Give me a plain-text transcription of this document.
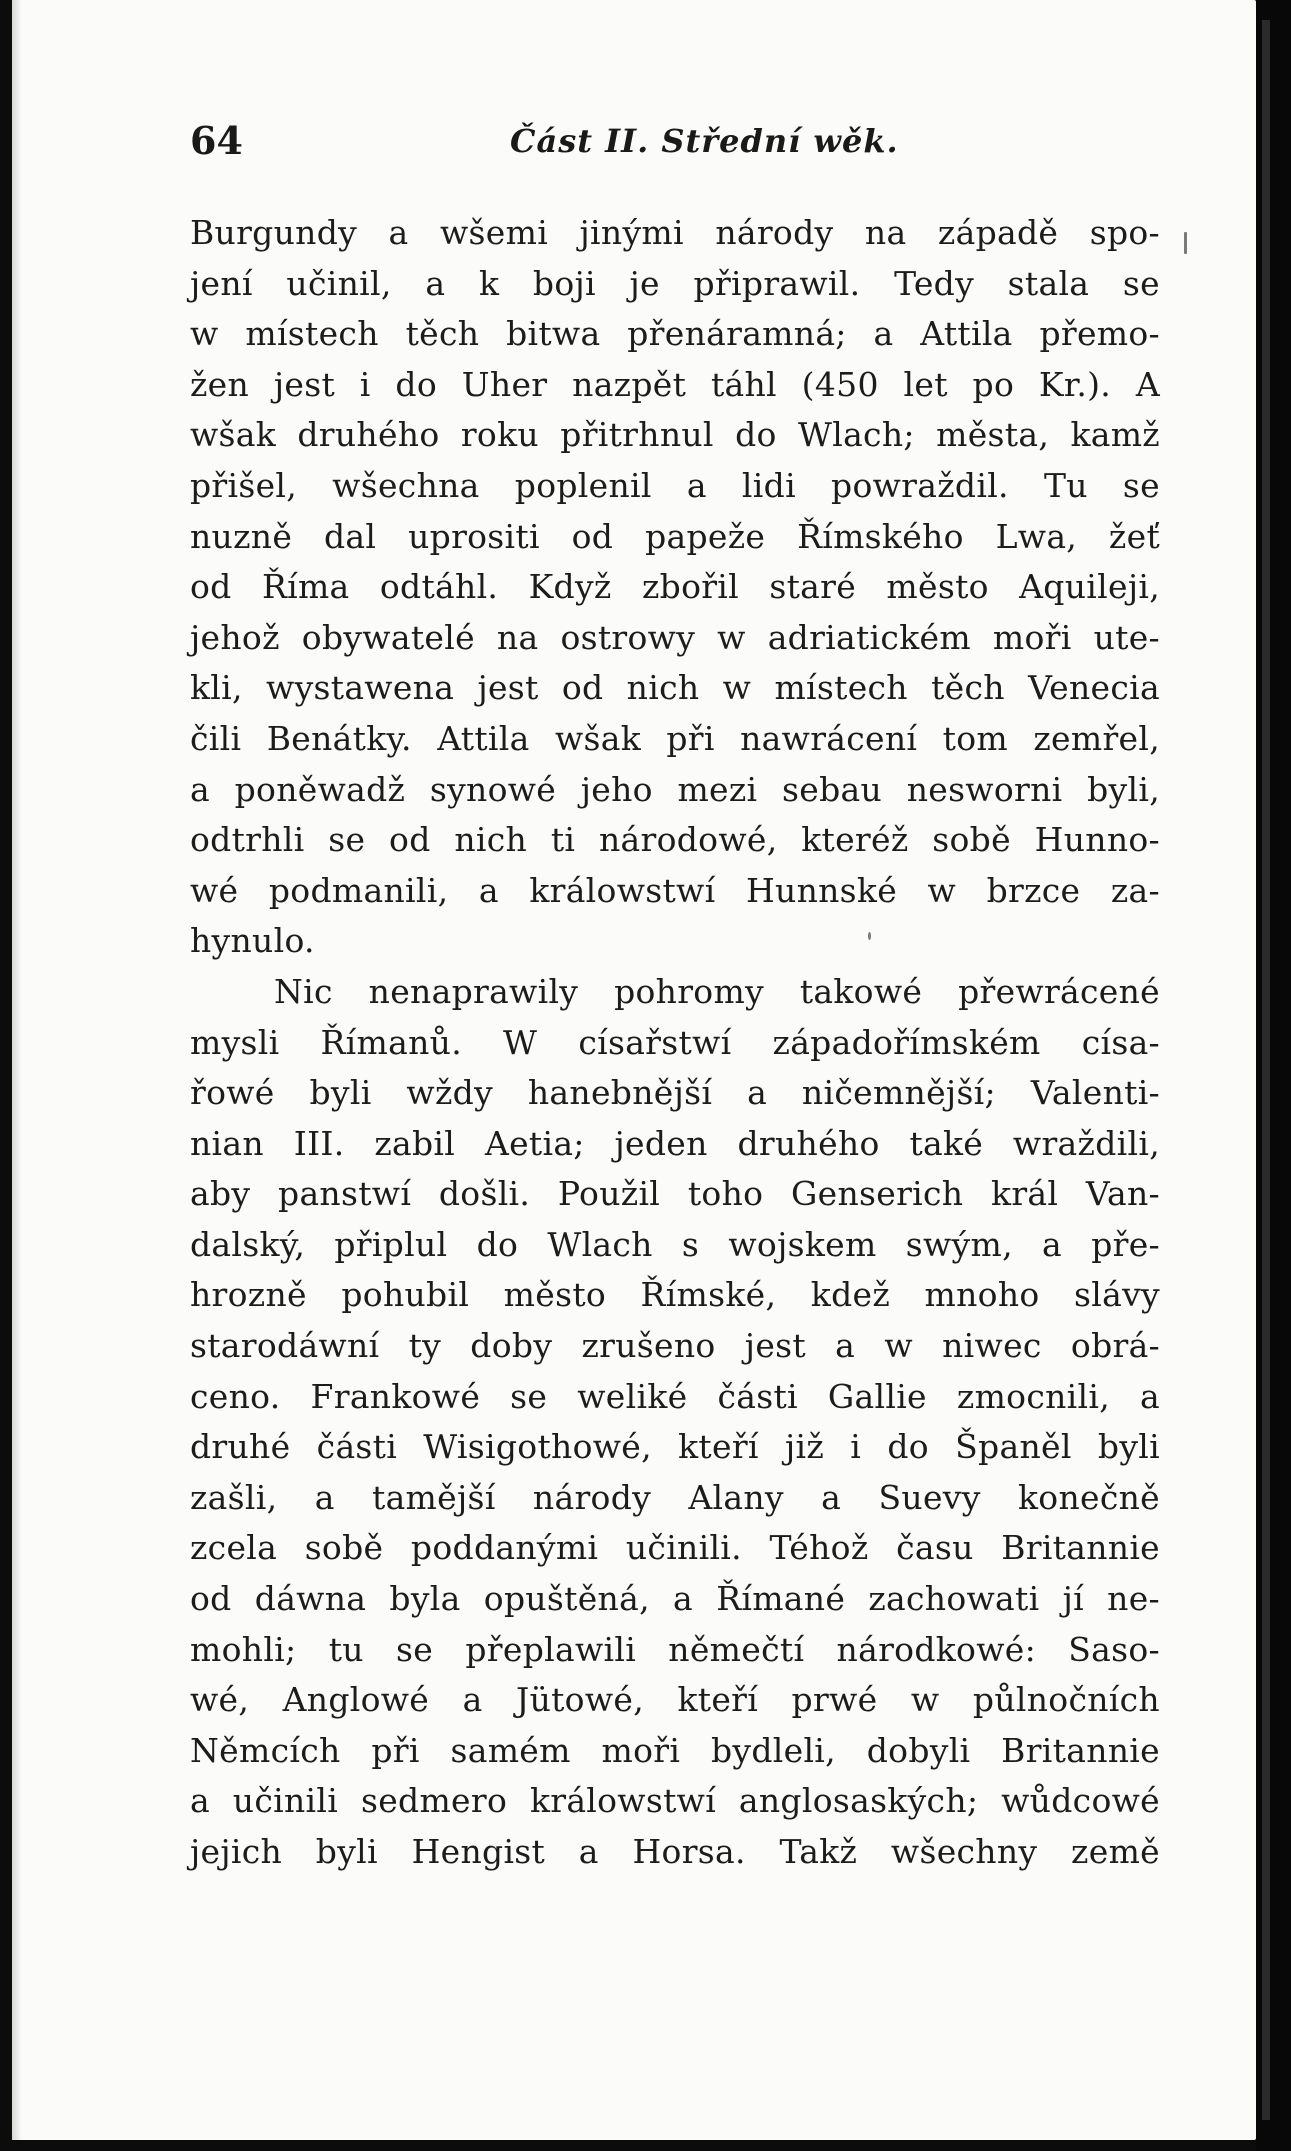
64	Část II. Střední wěk.
Burgundy a wšemi jinými národy na západě spo-
jení učinil, a k boji je připrawil. Tedy stala se
w místech těch bitwa přenáramná; a Attila přemo-
žen jest i do Uher nazpět táhl (450 let po Kr.). A
wšak druhého roku přitrhnul do Wlach; města, kamž
přišel, wšechna poplenil a lidi powraždil. Tu se
nuzně dal uprositi od papeže Římského Lwa, žeť
od Říma odtáhl. Když zbořil staré město Aquileji,
jehož obywatelé na ostrowy w adriatickém moři ute-
kli, wystawena jest od nich w místech těch Venecia
čili Benátky. Attila wšak při nawrácení tom zemřel,
a poněwadž synowé jeho mezi sebau nesworni byli,
odtrhli se od nich ti národowé, kteréž sobě Hunno-
wé podmanili, a králowstwí Hunnské w brzce za-
hynulo.
Nic nenaprawily pohromy takowé přewrácené
mysli Římanů. W císařstwí západořímském císa-
řowé byli wždy hanebnější a ničemnější; Valenti-
nian III. zabil Aetia; jeden druhého také wraždili,
aby panstwí došli. Použil toho Genserich král Van-
dalský, připlul do Wlach s wojskem swým, a pře-
hrozně pohubil město Římské, kdež mnoho slávy
starodáwní ty doby zrušeno jest a w niwec obrá-
ceno. Frankowé se weliké části Gallie zmocnili, a
druhé části Wisigothowé, kteří již i do Španěl byli
zašli, a tamější národy Alany a Suevy konečně
zcela sobě poddanými učinili. Téhož času Britannie
od dáwna byla opuštěná, a Římané zachowati jí ne-
mohli; tu se přeplawili němečtí národkowé: Saso-
wé, Anglowé a Jütowé, kteří prwé w půlnočních
Němcích při samém moři bydleli, dobyli Britannie
a učinili sedmero králowstwí anglosaských; wůdcowé
jejich byli Hengist a Horsa. Takž wšechny země
